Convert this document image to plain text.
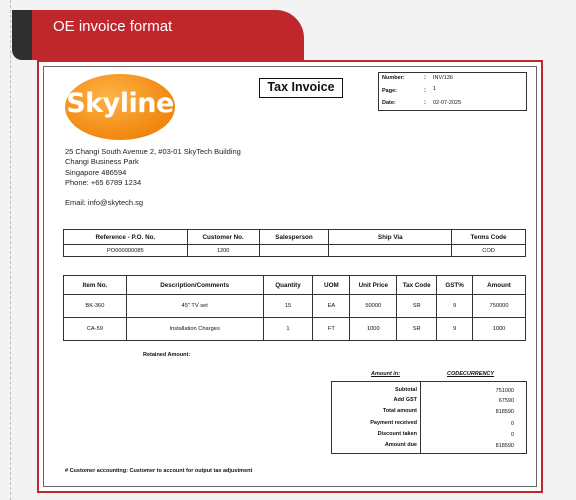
OE invoice format
Skyline
Tax Invoice
Number:	: INV/136
Page:	: 1
Date:	: 02-07-2025
25 Changi South Avenue 2, #03-01 SkyTech Building
Changi Business Park
Singapore 486594
Phone: +65 6789 1234
Email: info@skytech.sg
Reference - P.O. No.	Customer No.	Salesperson	Ship Via	Terms Code
PO000000085	1200			COD
Item No.	Description/Comments	Quantity	UOM	Unit Price	Tax Code	GST%	Amount
BK-360	45" TV set	15	EA	50000	SR	9	750000
CA-59	Installation Charges	1	FT	1000	SR	9	1000
Retained Amount:
Amount in:	CODECURRENCY
Subtotal	751000
Add GST	67590
Total amount	818590
Payment received	0
Discount taken	0
Amount due	818590
# Customer accounting: Customer to account for output tax adjustment
